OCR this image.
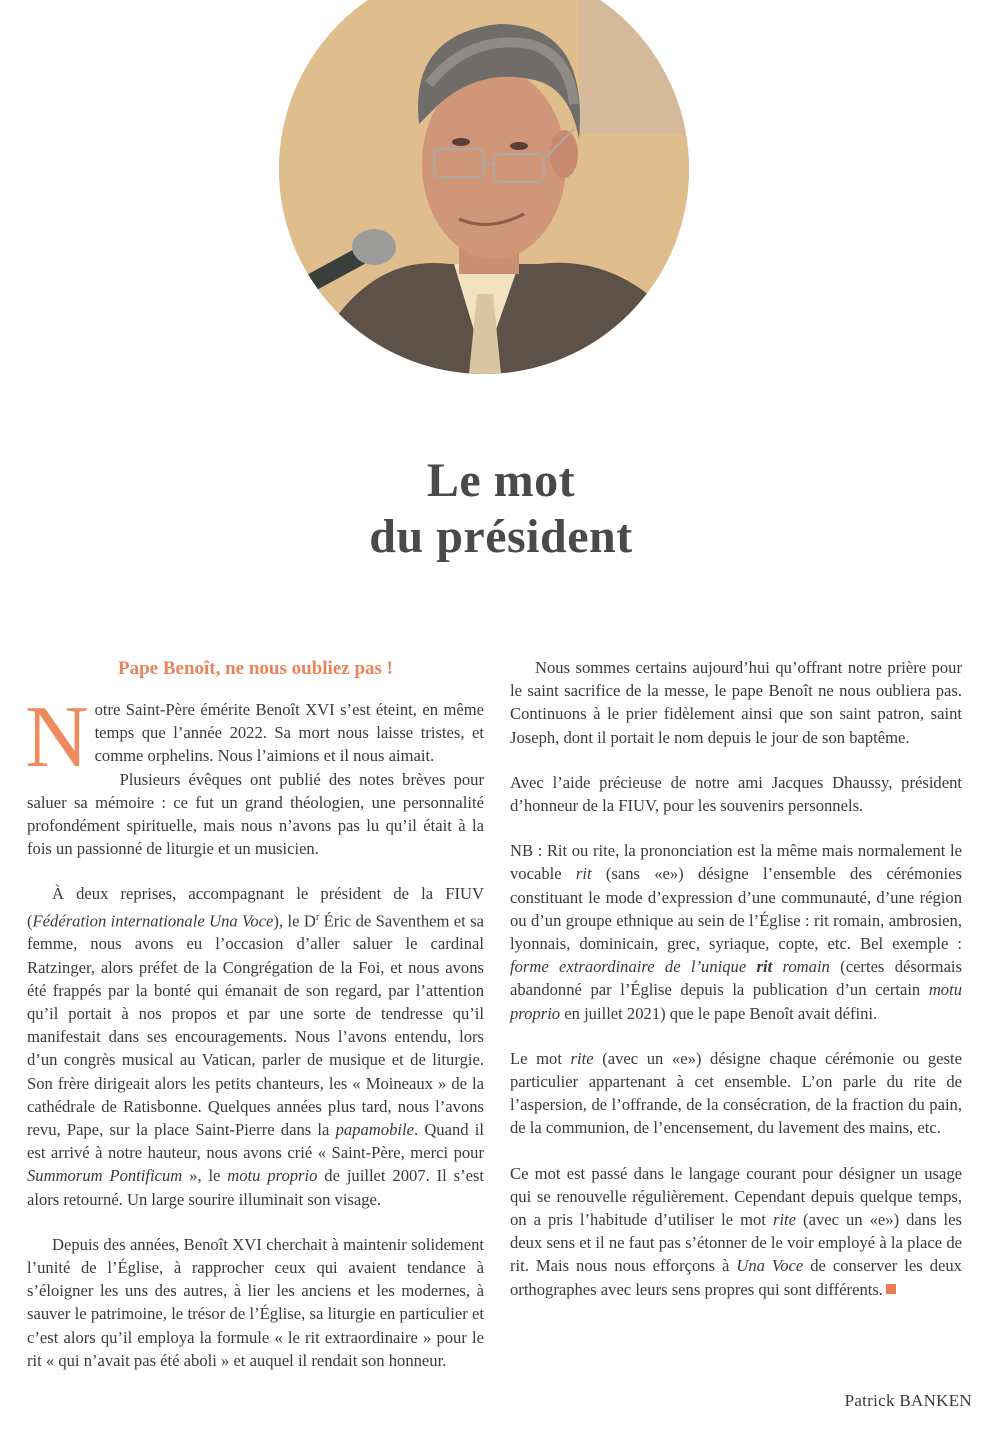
Le mot
du président
Pape Benoît, ne nous oubliez pas !

Notre Saint-Père émérite Benoît XVI s’est éteint, en même temps que l’année 2022. Sa mort nous laisse tristes, et comme orphelins. Nous l’aimions et il nous aimait.

Plusieurs évêques ont publié des notes brèves pour saluer sa mémoire : ce fut un grand théologien, une personnalité profondément spirituelle, mais nous n’avons pas lu qu’il était à la fois un passionné de liturgie et un musicien.

À deux reprises, accompagnant le président de la FIUV (Fédération internationale Una Voce), le $D^r$ Éric de Saventhem et sa femme, nous avons eu l’occasion d’aller saluer le cardinal Ratzinger, alors préfet de la Congrégation de la Foi, et nous avons été frappés par la bonté qui émanait de son regard, par l’attention qu’il portait à nos propos et par une sorte de tendresse qu’il manifestait dans ses encouragements. Nous l’avons entendu, lors d’un congrès musical au Vatican, parler de musique et de liturgie. Son frère dirigeait alors les petits chanteurs, les « Moineaux » de la cathédrale de Ratisbonne. Quelques années plus tard, nous l’avons revu, Pape, sur la place Saint-Pierre dans la papamobile. Quand il est arrivé à notre hauteur, nous avons crié « Saint-Père, merci pour Summorum Pontificum », le motu proprio de juillet 2007. Il s’est alors retourné. Un large sourire illuminait son visage.

Depuis des années, Benoît XVI cherchait à maintenir solidement l’unité de l’Église, à rapprocher ceux qui avaient tendance à s’éloigner les uns des autres, à lier les anciens et les modernes, à sauver le patrimoine, le trésor de l’Église, sa liturgie en particulier et c’est alors qu’il employa la formule « le rit extraordinaire » pour le rit « qui n’avait pas été aboli » et auquel il rendait son honneur.

Nous sommes certains aujourd’hui qu’offrant notre prière pour le saint sacrifice de la messe, le pape Benoît ne nous oubliera pas. Continuons à le prier fidèlement ainsi que son saint patron, saint Joseph, dont il portait le nom depuis le jour de son baptême.

Avec l’aide précieuse de notre ami Jacques Dhaussy, président d’honneur de la FIUV, pour les souvenirs personnels.

NB : Rit ou rite, la prononciation est la même mais normalement le vocable rit (sans «e») désigne l’ensemble des cérémonies constituant le mode d’expression d’une communauté, d’une région ou d’un groupe ethnique au sein de l’Église : rit romain, ambrosien, lyonnais, dominicain, grec, syriaque, copte, etc. Bel exemple : forme extraordinaire de l’unique rit romain (certes désormais abandonné par l’Église depuis la publication d’un certain motu proprio en juillet 2021) que le pape Benoît avait défini.

Le mot rite (avec un «e») désigne chaque cérémonie ou geste particulier appartenant à cet ensemble. L’on parle du rite de l’aspersion, de l’offrande, de la consécration, de la fraction du pain, de la communion, de l’encensement, du lavement des mains, etc.

Ce mot est passé dans le langage courant pour désigner un usage qui se renouvelle régulièrement. Cependant depuis quelque temps, on a pris l’habitude d’utiliser le mot rite (avec un «e») dans les deux sens et il ne faut pas s’étonner de le voir employé à la place de rit. Mais nous nous efforçons à Una Voce de conserver les deux orthographes avec leurs sens propres qui sont différents.

Patrick BANKEN
